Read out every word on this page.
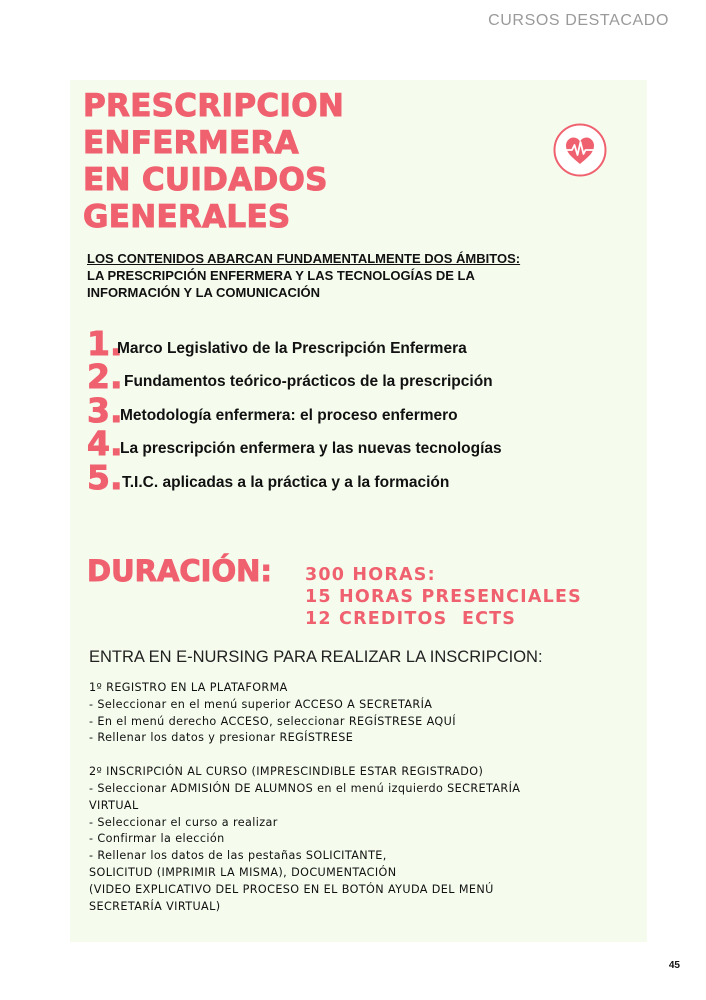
CURSOS DESTACADO
PRESCRIPCION
ENFERMERA
EN CUIDADOS
GENERALES
LOS CONTENIDOS ABARCAN FUNDAMENTALMENTE DOS ÁMBITOS:
LA PRESCRIPCIÓN ENFERMERA Y LAS TECNOLOGÍAS DE LA
INFORMACIÓN Y LA COMUNICACIÓN
1.
Marco Legislativo de la Prescripción Enfermera
2. Fundamentos teórico-prácticos de la prescripción
3.
Metodología enfermera: el proceso enfermero
4.
La prescripción enfermera y las nuevas tecnologías
5. T.I.C. aplicadas a la práctica y a la formación
DURACIÓN: 300 HORAS:
15 HORAS PRESENCIALES
12 CREDITOS  ECTS
ENTRA EN E-NURSING PARA REALIZAR LA INSCRIPCION:
1º REGISTRO EN LA PLATAFORMA
- Seleccionar en el menú superior ACCESO A SECRETARÍA
- En el menú derecho ACCESO, seleccionar REGÍSTRESE AQUÍ
- Rellenar los datos y presionar REGÍSTRESE
2º INSCRIPCIÓN AL CURSO (IMPRESCINDIBLE ESTAR REGISTRADO)
- Seleccionar ADMISIÓN DE ALUMNOS en el menú izquierdo SECRETARÍA
VIRTUAL
- Seleccionar el curso a realizar
- Confirmar la elección
- Rellenar los datos de las pestañas SOLICITANTE,
SOLICITUD (IMPRIMIR LA MISMA), DOCUMENTACIÓN
(VIDEO EXPLICATIVO DEL PROCESO EN EL BOTÓN AYUDA DEL MENÚ
SECRETARÍA VIRTUAL)
45
